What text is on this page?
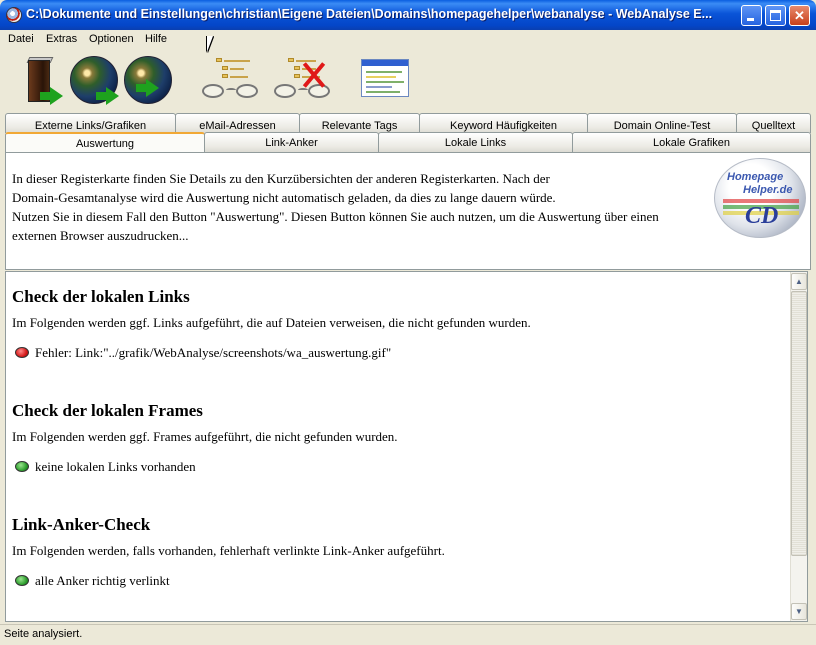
C:\Dokumente und Einstellungen\christian\Eigene Dateien\Domains\homepagehelper\webanalyse - WebAnalyse E...	✕
Datei Extras Optionen Hilfe
Externe Links/Grafiken	eMail-Adressen	Relevante Tags	Keyword Häufigkeiten	Domain Online-Test	Quelltext
Auswertung	Link-Anker	Lokale Links	Lokale Grafiken
In dieser Registerkarte finden Sie Details zu den Kurzübersichten der anderen Registerkarten. Nach der
Domain-Gesamtanalyse wird die Auswertung nicht automatisch geladen, da dies zu lange dauern würde.
Nutzen Sie in diesem Fall den Button "Auswertung". Diesen Button können Sie auch nutzen, um die Auswertung über einen
externen Browser auszudrucken...
Homepage
Helper.de
CD
Check der lokalen Links
Im Folgenden werden ggf. Links aufgeführt, die auf Dateien verweisen, die nicht gefunden wurden.
Fehler: Link:"../grafik/WebAnalyse/screenshots/wa_auswertung.gif"
Check der lokalen Frames
Im Folgenden werden ggf. Frames aufgeführt, die nicht gefunden wurden.
keine lokalen Links vorhanden
Link-Anker-Check
Im Folgenden werden, falls vorhanden, fehlerhaft verlinkte Link-Anker aufgeführt.
alle Anker richtig verlinkt
▲
▼
Seite analysiert.
